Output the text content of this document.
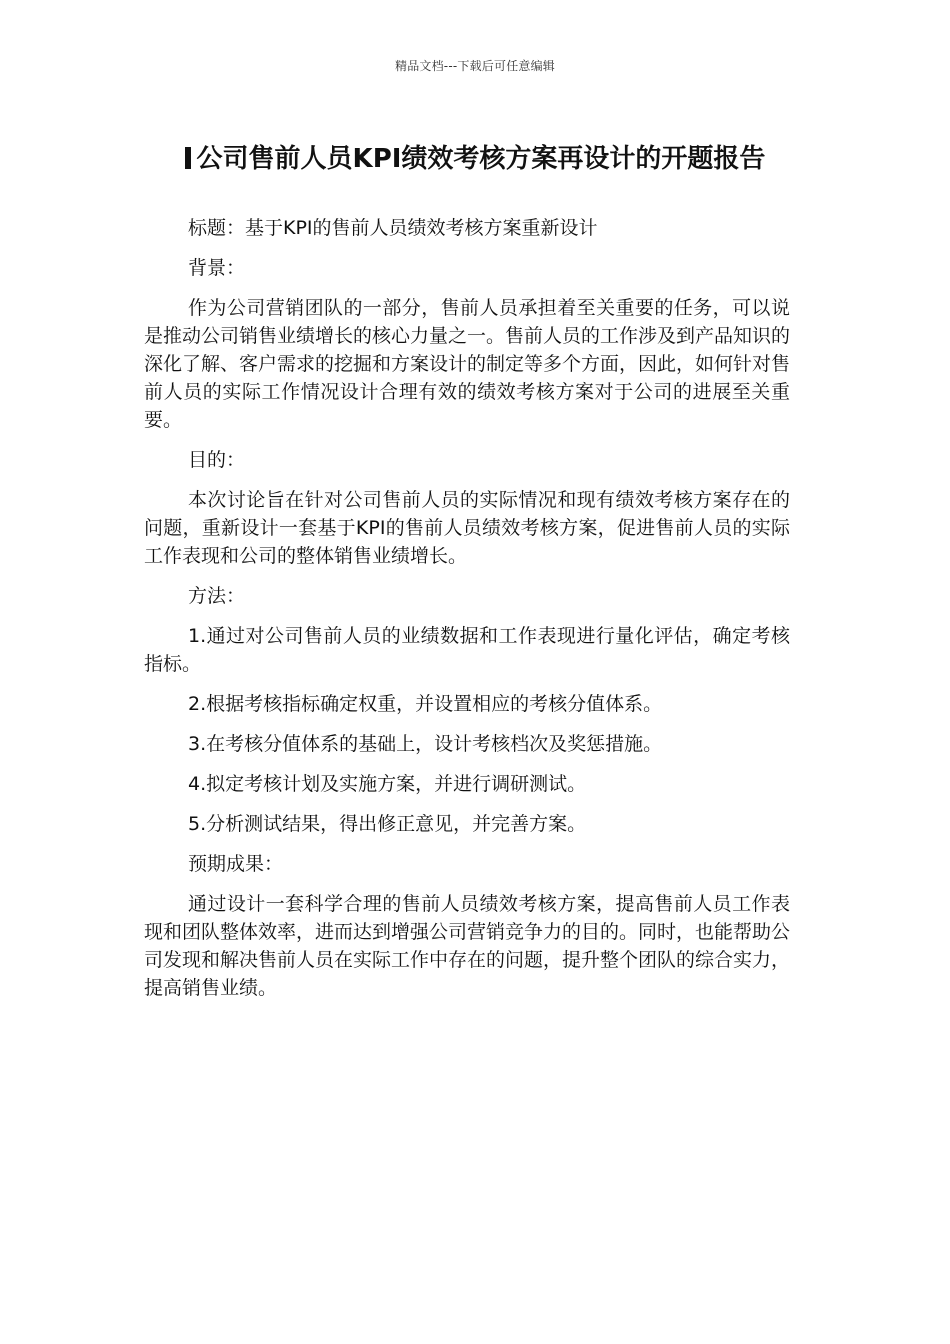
精品文档---下载后可任意编辑
公司售前人员KPI绩效考核方案再设计的开题报告

标题：基于KPI的售前人员绩效考核方案重新设计

背景：

作为公司营销团队的一部分，售前人员承担着至关重要的任务，可以说是推动公司销售业绩增长的核心力量之一。售前人员的工作涉及到产品知识的深化了解、客户需求的挖掘和方案设计的制定等多个方面，因此，如何针对售前人员的实际工作情况设计合理有效的绩效考核方案对于公司的进展至关重要。

目的：

本次讨论旨在针对公司售前人员的实际情况和现有绩效考核方案存在的问题，重新设计一套基于KPI的售前人员绩效考核方案，促进售前人员的实际工作表现和公司的整体销售业绩增长。

方法：

1.通过对公司售前人员的业绩数据和工作表现进行量化评估，确定考核指标。

2.根据考核指标确定权重，并设置相应的考核分值体系。

3.在考核分值体系的基础上，设计考核档次及奖惩措施。

4.拟定考核计划及实施方案，并进行调研测试。

5.分析测试结果，得出修正意见，并完善方案。

预期成果：

通过设计一套科学合理的售前人员绩效考核方案，提高售前人员工作表现和团队整体效率，进而达到增强公司营销竞争力的目的。同时，也能帮助公司发现和解决售前人员在实际工作中存在的问题，提升整个团队的综合实力，提高销售业绩。
